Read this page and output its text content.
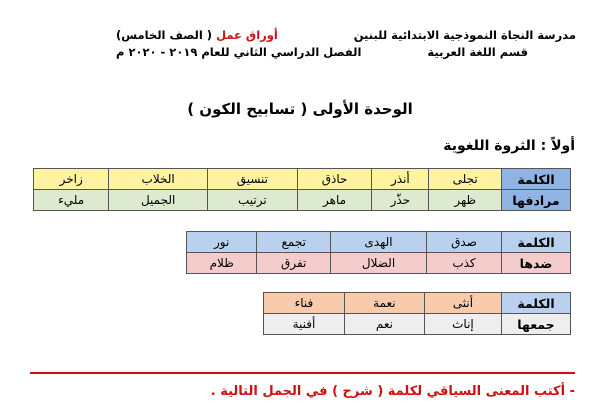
مدرسة النجاة النموذجية الابتدائية للبنين
قسم اللغة العربية
أوراق عمل ( الصف الخامس)
الفصل الدراسي الثاني للعام ٢٠١٩ - ٢٠٢٠ م
الوحدة الأولى ( تسابيح الكون )
أولاً : الثروة اللغوية
الكلمة	تجلى	أنذر	حاذق	تنسيق	الخلاب	زاخر
مرادفها	ظهر	حذّر	ماهر	ترتيب	الجميل	مليء
الكلمة	صدق	الهدى	تجمع	نور
ضدها	كذب	الضلال	تفرق	ظلام
الكلمة	أنثى	نعمة	فناء
جمعها	إناث	نعم	أفنية
- أكتب المعنى السياقي لكلمة ( شرح ) في الجمل التالية .
